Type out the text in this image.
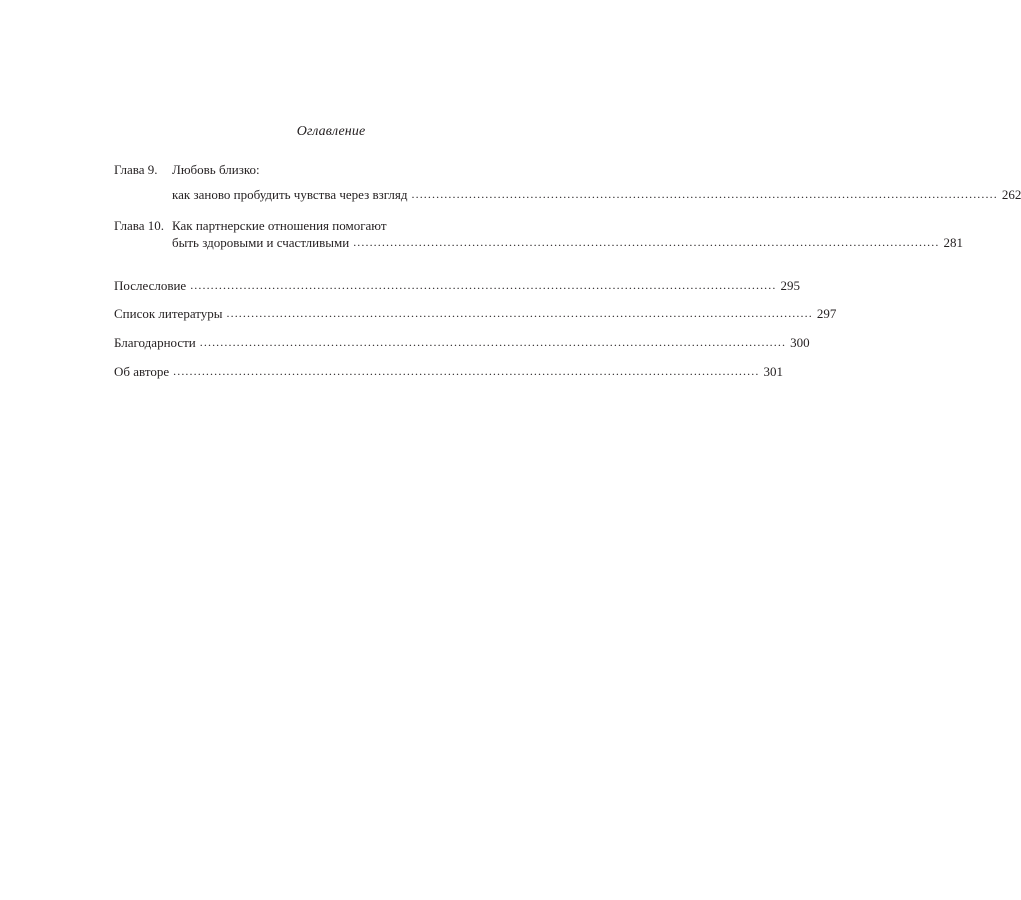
Оглавление
Глава 9.	Любовь близко:
как заново пробудить чувства через взгляд ............................................................................................................................................... 262
Глава 10. Как партнерские отношения помогают
быть здоровыми и счастливыми ............................................................................................................................................... 281
Послесловие ............................................................................................................................................... 295
Список литературы ............................................................................................................................................... 297
Благодарности ............................................................................................................................................... 300
Об авторе ............................................................................................................................................... 301
